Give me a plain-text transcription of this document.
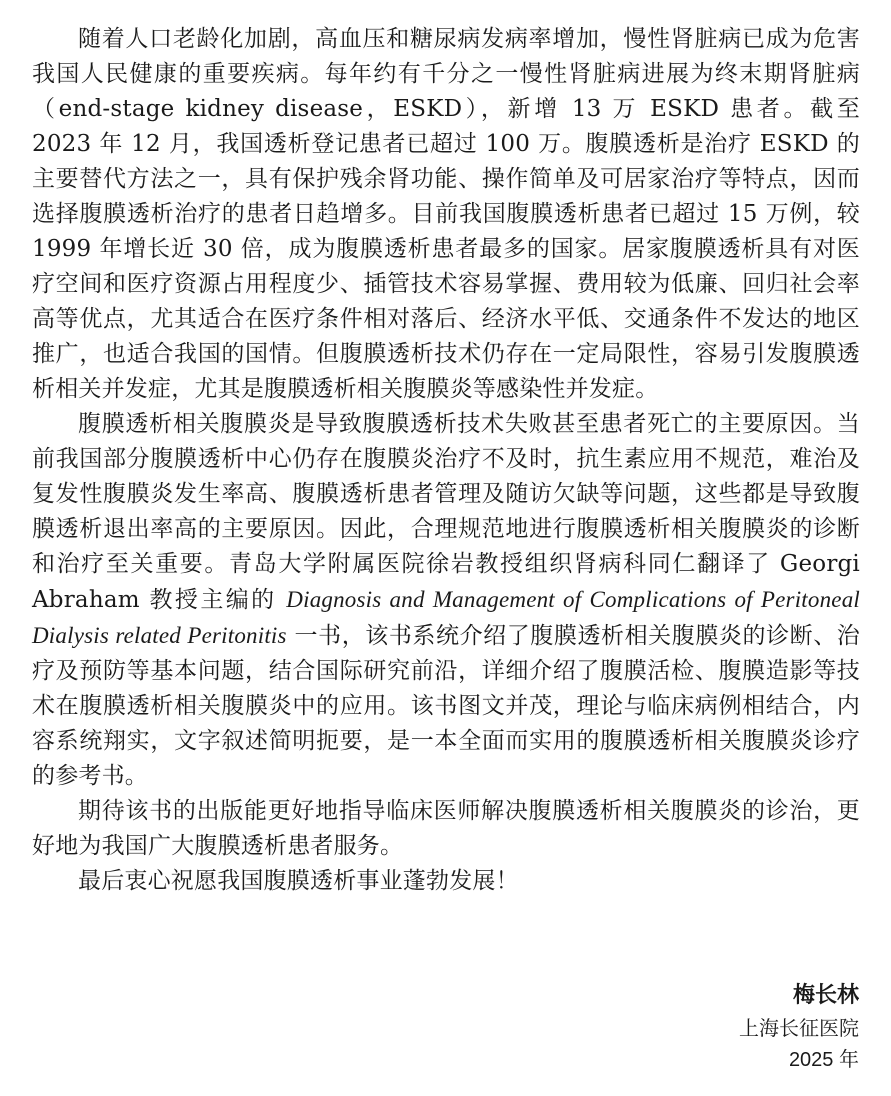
随着人口老龄化加剧，高血压和糖尿病发病率增加，慢性肾脏病已成为危害我国人民健康的重要疾病。每年约有千分之一慢性肾脏病进展为终末期肾脏病（end-stage kidney disease，ESKD），新增 13 万 ESKD 患者。截至 2023 年 12 月，我国透析登记患者已超过 100 万。腹膜透析是治疗 ESKD 的主要替代方法之一，具有保护残余肾功能、操作简单及可居家治疗等特点，因而选择腹膜透析治疗的患者日趋增多。目前我国腹膜透析患者已超过 15 万例，较 1999 年增长近 30 倍，成为腹膜透析患者最多的国家。居家腹膜透析具有对医疗空间和医疗资源占用程度少、插管技术容易掌握、费用较为低廉、回归社会率高等优点，尤其适合在医疗条件相对落后、经济水平低、交通条件不发达的地区推广，也适合我国的国情。但腹膜透析技术仍存在一定局限性，容易引发腹膜透析相关并发症，尤其是腹膜透析相关腹膜炎等感染性并发症。

腹膜透析相关腹膜炎是导致腹膜透析技术失败甚至患者死亡的主要原因。当前我国部分腹膜透析中心仍存在腹膜炎治疗不及时，抗生素应用不规范，难治及复发性腹膜炎发生率高、腹膜透析患者管理及随访欠缺等问题，这些都是导致腹膜透析退出率高的主要原因。因此，合理规范地进行腹膜透析相关腹膜炎的诊断和治疗至关重要。青岛大学附属医院徐岩教授组织肾病科同仁翻译了 Georgi Abraham 教授主编的 Diagnosis and Management of Complications of Peritoneal Dialysis related Peritonitis 一书，该书系统介绍了腹膜透析相关腹膜炎的诊断、治疗及预防等基本问题，结合国际研究前沿，详细介绍了腹膜活检、腹膜造影等技术在腹膜透析相关腹膜炎中的应用。该书图文并茂，理论与临床病例相结合，内容系统翔实，文字叙述简明扼要，是一本全面而实用的腹膜透析相关腹膜炎诊疗的参考书。

期待该书的出版能更好地指导临床医师解决腹膜透析相关腹膜炎的诊治，更好地为我国广大腹膜透析患者服务。

最后衷心祝愿我国腹膜透析事业蓬勃发展！

梅长林
上海长征医院
2025 年
